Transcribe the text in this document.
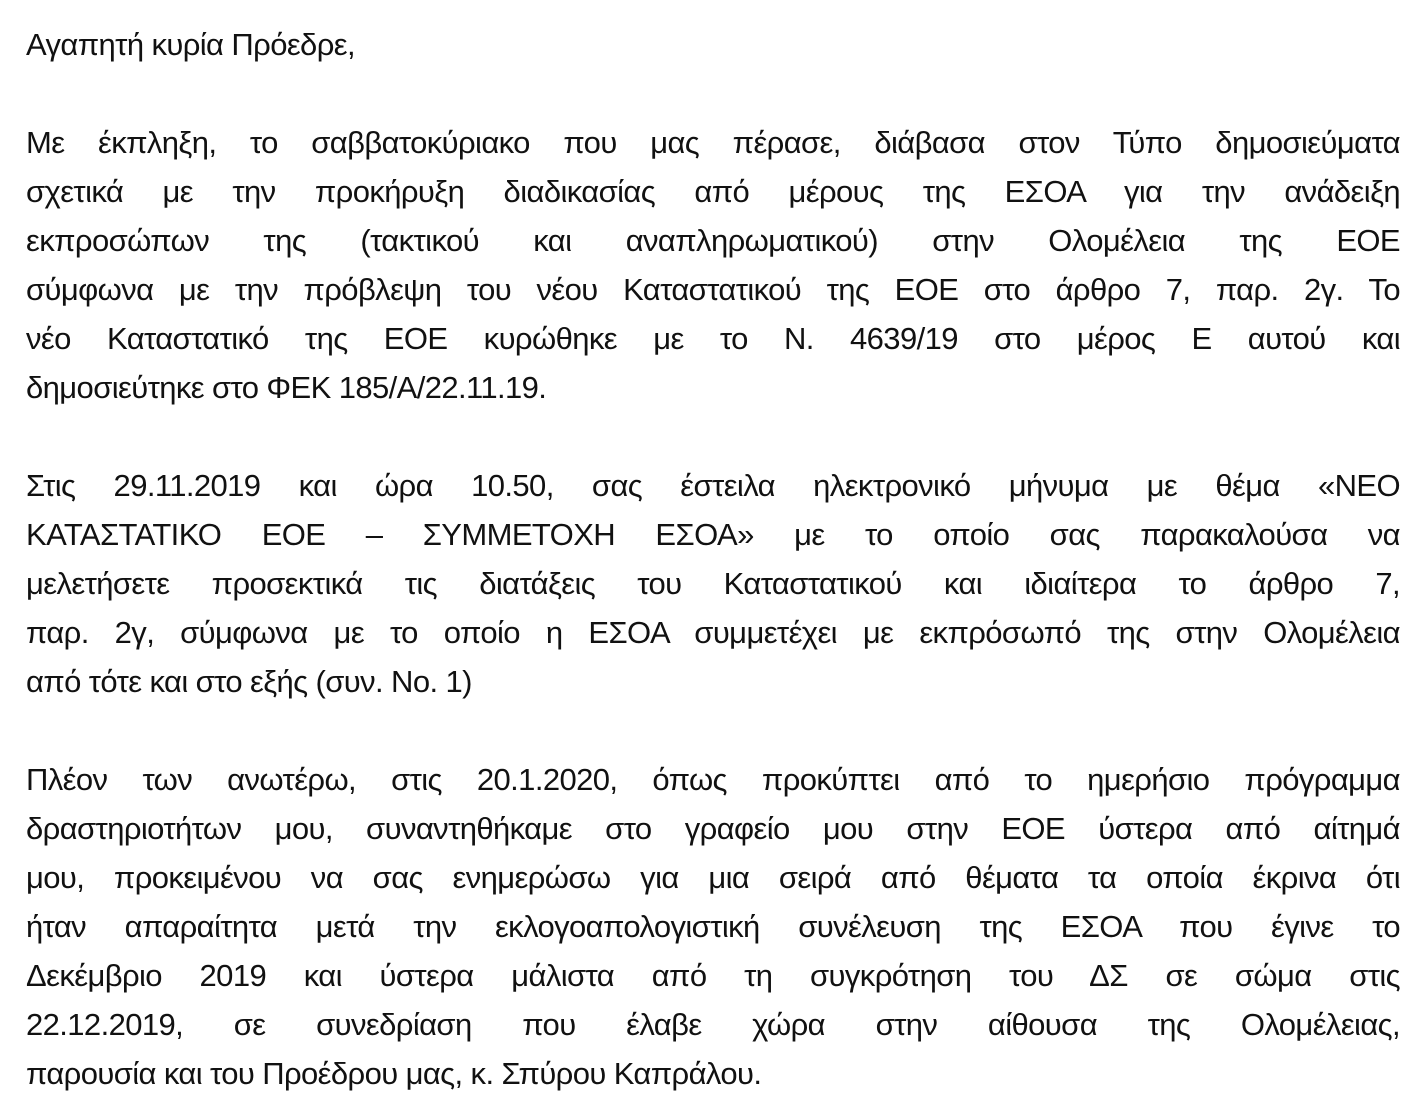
Αγαπητή κυρία Πρόεδρε,

Με έκπληξη, το σαββατοκύριακο που μας πέρασε, διάβασα στον Τύπο δημοσιεύματα
σχετικά με την προκήρυξη διαδικασίας από μέρους της ΕΣΟΑ για την ανάδειξη
εκπροσώπων της (τακτικού και αναπληρωματικού) στην Ολομέλεια της ΕΟΕ
σύμφωνα με την πρόβλεψη του νέου Καταστατικού της ΕΟΕ στο άρθρο 7, παρ. 2γ. Το
νέο Καταστατικό της ΕΟΕ κυρώθηκε με το Ν. 4639/19 στο μέρος Ε αυτού και
δημοσιεύτηκε στο ΦΕΚ 185/Α/22.11.19.
Στις 29.11.2019 και ώρα 10.50, σας έστειλα ηλεκτρονικό μήνυμα με θέμα «ΝΕΟ
ΚΑΤΑΣΤΑΤΙΚΟ ΕΟΕ – ΣΥΜΜΕΤΟΧΗ ΕΣΟΑ» με το οποίο σας παρακαλούσα να
μελετήσετε προσεκτικά τις διατάξεις του Καταστατικού και ιδιαίτερα το άρθρο 7,
παρ. 2γ, σύμφωνα με το οποίο η ΕΣΟΑ συμμετέχει με εκπρόσωπό της στην Ολομέλεια
από τότε και στο εξής (συν. Νο. 1)
Πλέον των ανωτέρω, στις 20.1.2020, όπως προκύπτει από το ημερήσιο πρόγραμμα
δραστηριοτήτων μου, συναντηθήκαμε στο γραφείο μου στην ΕΟΕ ύστερα από αίτημά
μου, προκειμένου να σας ενημερώσω για μια σειρά από θέματα τα οποία έκρινα ότι
ήταν απαραίτητα μετά την εκλογοαπολογιστική συνέλευση της ΕΣΟΑ που έγινε το
Δεκέμβριο 2019 και ύστερα μάλιστα από τη συγκρότηση του ΔΣ σε σώμα στις
22.12.2019, σε συνεδρίαση που έλαβε χώρα στην αίθουσα της Ολομέλειας,
παρουσία και του Προέδρου μας, κ. Σπύρου Καπράλου.
